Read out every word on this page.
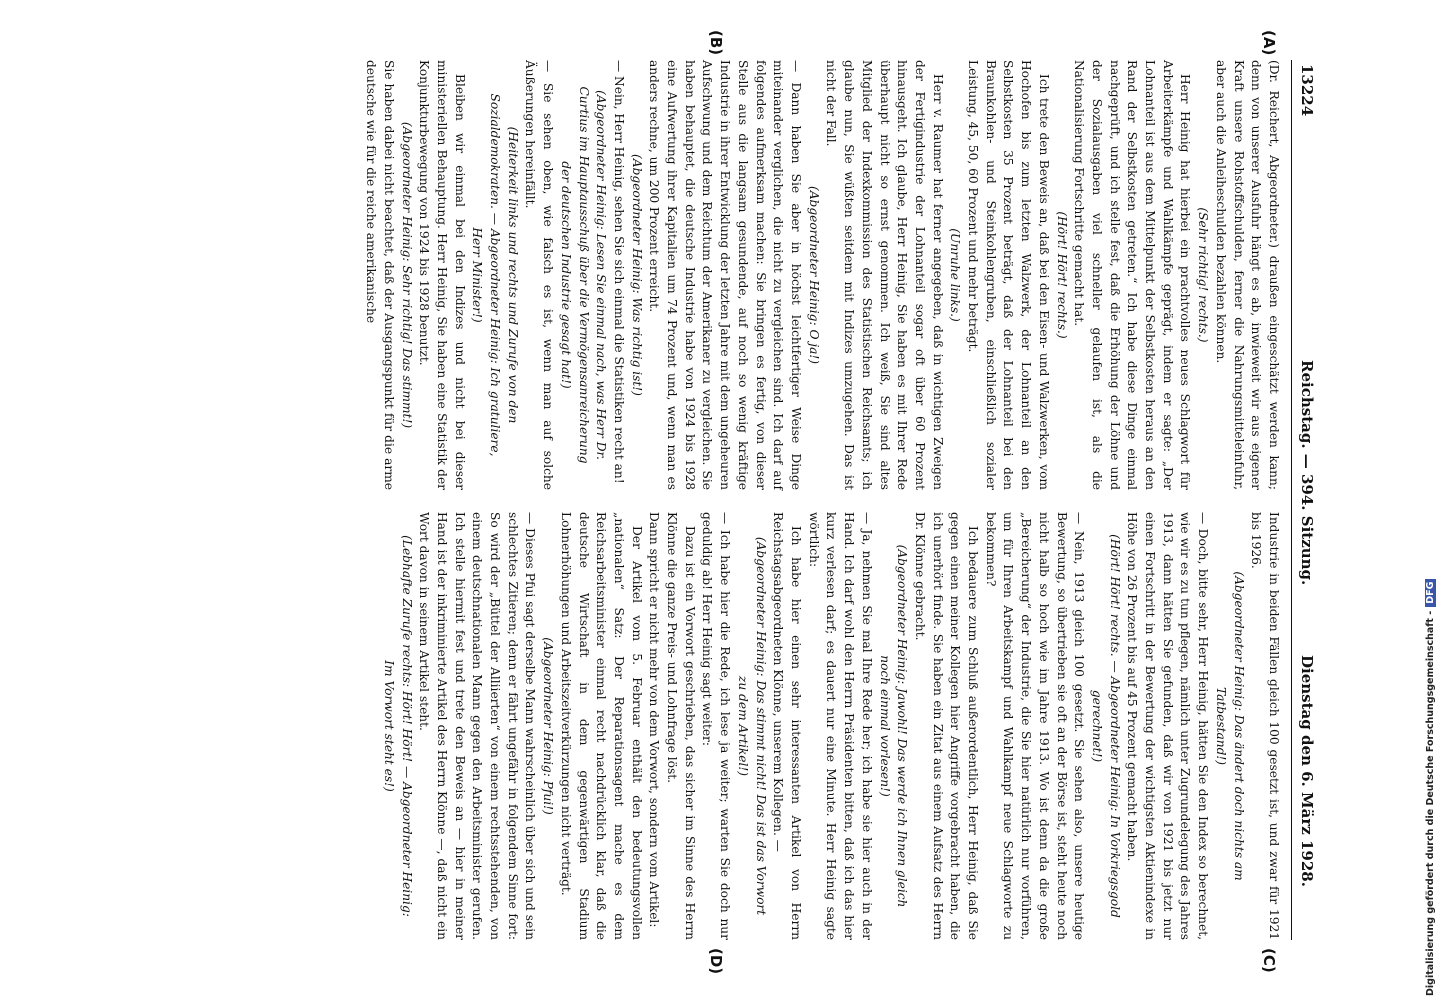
13224
Reichstag. — 394. Sitzung.
Dienstag den 6. März 1928.
(A)
(B)
(C)
(D)

(Dr. Reichert, Abgeordneter.) draußen eingeschätzt werden kann; denn von unserer Ausfuhr hängt es ab, inwieweit wir aus eigener Kraft unsere Rohstoffschulden, ferner die Nahrungsmitteleinfuhr, aber auch die Anleiheschulden bezahlen können.

(Sehr richtig! rechts.)

Herr Heinig hat hierbei ein prachtvolles neues Schlagwort für Arbeiterkämpfe und Wahlkämpfe geprägt, indem er sagte: „Der Lohnanteil ist aus dem Mittelpunkt der Selbstkosten heraus an den Rand der Selbstkosten getreten.“ Ich habe diese Dinge einmal nachgeprüft, und ich stelle fest, daß die Erhöhung der Löhne und der Sozialausgaben viel schneller gelaufen ist, als die Nationalisierung Fortschritte gemacht hat.

(Hört! Hört! rechts.)

Ich trete den Beweis an, daß bei den Eisen- und Walzwerken, vom Hochofen bis zum letzten Walzwerk, der Lohnanteil an den Selbstkosten 35 Prozent beträgt, daß der Lohnanteil bei den Braunkohlen- und Steinkohlengruben, einschließlich sozialer Leistung, 45, 50, 60 Prozent und mehr beträgt.

(Unruhe links.)

Herr v. Raumer hat ferner angegeben, daß in wichtigen Zweigen der Fertigindustrie der Lohnanteil sogar oft über 60 Prozent hinausgeht. Ich glaube, Herr Heinig, Sie haben es mit Ihrer Rede überhaupt nicht so ernst genommen. Ich weiß, Sie sind altes Mitglied der Indexkommission des Statistischen Reichsamts; ich glaube nun, Sie wüßten seitdem mit Indizes umzugehen. Das ist nicht der Fall.

(Abgeordneter Heinig: O ja!)

— Dann haben Sie aber in höchst leichtfertiger Weise Dinge miteinander verglichen, die nicht zu vergleichen sind. Ich darf auf folgendes aufmerksam machen: Sie bringen es fertig, von dieser Stelle aus die langsam gesundende, auf noch so wenig kräftige Industrie in ihrer Entwicklung der letzten Jahre mit dem ungeheuren Aufschwung und dem Reichtum der Amerikaner zu vergleichen. Sie haben behauptet, die deutsche Industrie habe von 1924 bis 1928 eine Aufwertung ihrer Kapitalien um 74 Prozent und, wenn man es anders rechne, um 200 Prozent erreicht.

(Abgeordneter Heinig: Was richtig ist!)

— Nein, Herr Heinig, sehen Sie sich einmal die Statistiken recht an!

(Abgeordneter Heinig: Lesen Sie einmal nach, was Herr Dr. Curtius im Hauptausschuß über die Vermögensanreicherung der deutschen Industrie gesagt hat!)

— Sie sehen oben, wie falsch es ist, wenn man auf solche Äußerungen hereinfällt.

(Heiterkeit links und rechts und Zurufe von den Sozialdemokraten. — Abgeordneter Heinig: Ich gratuliere, Herr Minister!)

Bleiben wir einmal bei den Indizes und nicht bei dieser ministeriellen Behauptung. Herr Heinig, Sie haben eine Statistik der Konjunkturbewegung von 1924 bis 1928 benutzt.

(Abgeordneter Heinig: Sehr richtig! Das stimmt!)

Sie haben dabei nicht beachtet, daß der Ausgangspunkt für die arme deutsche wie für die reiche amerikanische

Industrie in beiden Fällen gleich 100 gesetzt ist, und zwar für 1921 bis 1926.

(Abgeordneter Heinig: Das ändert doch nichts am Tatbestand!)

— Doch, bitte sehr, Herr Heinig, hätten Sie den Index so berechnet, wie wir es zu tun pflegen, nämlich unter Zugrundelegung des Jahres 1913, dann hätten Sie gefunden, daß wir von 1921 bis jetzt nur einen Fortschritt in der Bewertung der wichtigsten Aktienindexe in Höhe von 26 Prozent bis auf 45 Prozent gemacht haben.

(Hört! Hört! rechts. — Abgeordneter Heinig: In Vorkriegsgold gerechnet!)

— Nein, 1913 gleich 100 gesetzt. Sie sehen also, unsere heutige Bewertung, so übertrieben sie oft an der Börse ist, steht heute noch nicht halb so hoch wie im Jahre 1913. Wo ist denn da die große „Bereicherung“ der Industrie, die Sie hier natürlich nur vorführen, um für Ihren Arbeitskampf und Wahlkampf neue Schlagworte zu bekommen?

Ich bedauere zum Schluß außerordentlich, Herr Heinig, daß Sie gegen einen meiner Kollegen hier Angriffe vorgebracht haben, die ich unerhört finde. Sie haben ein Zitat aus einem Aufsatz des Herrn Dr. Klönne gebracht.

(Abgeordneter Heinig: Jawohl! Das werde ich Ihnen gleich noch einmal vorlesen!)

— Ja, nehmen Sie mal Ihre Rede her; ich habe sie hier auch in der Hand. Ich darf wohl den Herrn Präsidenten bitten, daß ich das hier kurz verlesen darf; es dauert nur eine Minute. Herr Heinig sagte wörtlich:

Ich habe hier einen sehr interessanten Artikel von Herrn Reichstagsabgeordneten Klönne, unserem Kollegen. —

(Abgeordneter Heinig: Das stimmt nicht! Das ist das Vorwort zu dem Artikel!)

— Ich habe hier die Rede, ich lese ja weiter; warten Sie doch nur geduldig ab! Herr Heinig sagt weiter:

Dazu ist ein Vorwort geschrieben, das sicher im Sinne des Herrn Klönne die ganze Preis- und Lohnfrage löst.

Dann spricht er nicht mehr von dem Vorwort, sondern vom Artikel:

Der Artikel vom 5. Februar enthält den bedeutungsvollen „nationalen“ Satz: Der Reparationsagent mache es dem Reichsarbeitsminister einmal recht nachdrücklich klar, daß die deutsche Wirtschaft in dem gegenwärtigen Stadium Lohnerhöhungen und Arbeitszeitverkürzungen nicht verträgt.

(Abgeordneter Heinig: Pfui!)

— Dieses Pfui sagt derselbe Mann wahrscheinlich über sich und sein schlechtes Zitieren; denn er fährt ungefähr in folgendem Sinne fort: So wird der „Büttel der Alliierten“ von einem rechtsstehenden, von einem deutschnationalen Mann gegen den Arbeitsminister gerufen. Ich stelle hiermit fest und trete den Beweis an — hier in meiner Hand ist der inkriminierte Artikel des Herrn Klönne —, daß nicht ein Wort davon in seinem Artikel steht.

(Lebhafte Zurufe rechts: Hört! Hört! — Abgeordneter Heinig: Im Vorwort steht es!)	Digitalisierung gefördert durch die Deutsche Forschungsgemeinschaft -DFG
